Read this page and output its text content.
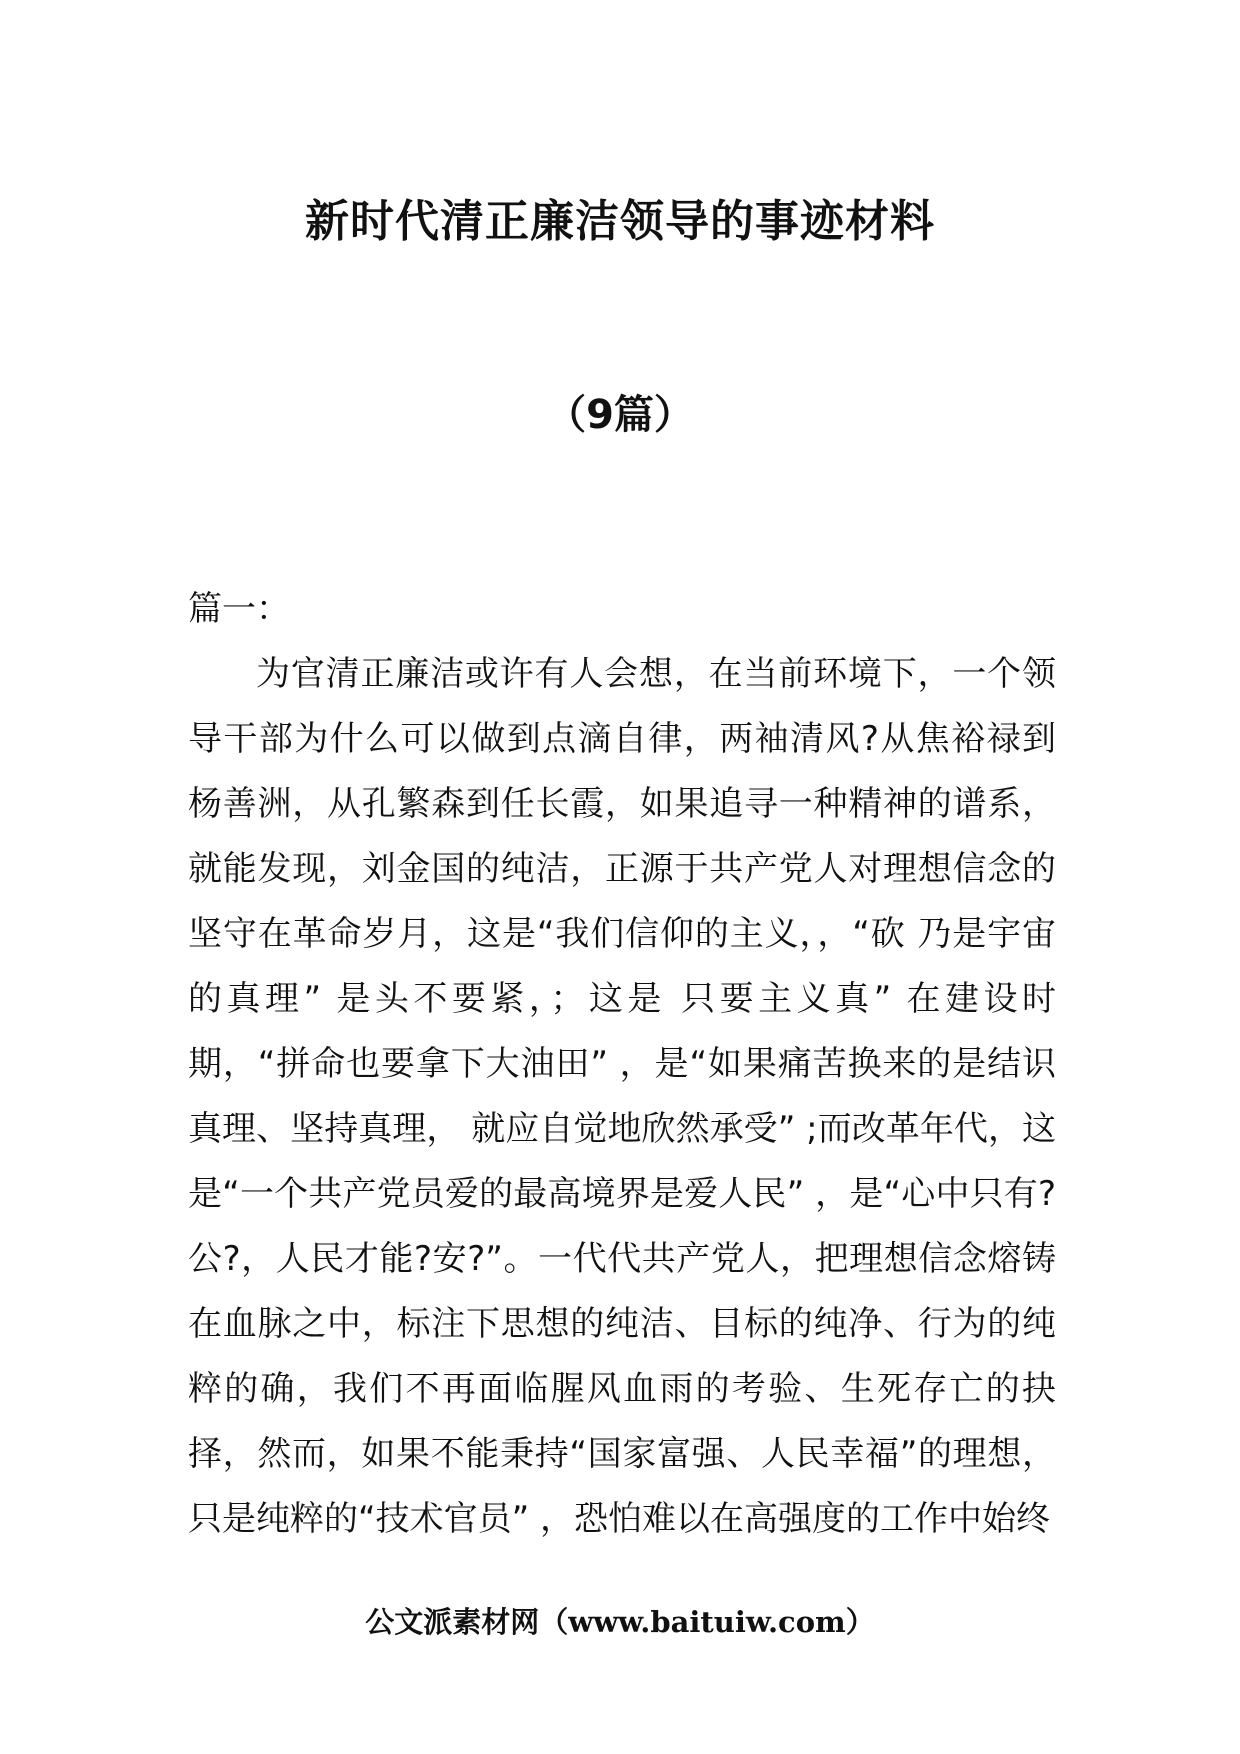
新时代清正廉洁领导的事迹材料
（9篇）
篇一：

为官清正廉洁或许有人会想，在当前环境下，一个领导干部为什么可以做到点滴自律，两袖清风?从焦裕禄到杨善洲，从孔繁森到任长霞，如果追寻一种精神的谱系，就能发现，刘金国的纯洁，正源于共产党人对理想信念的坚守在革命岁月，这是“我们信仰的主义，，“砍 乃是宇宙的真理” 是头不要紧，；这是 只要主义真” 在建设时期，“拼命也要拿下大油田” ，是“如果痛苦换来的是结识真理、坚持真理， 就应自觉地欣然承受” ;而改革年代，这是“一个共产党员爱的最高境界是爱人民” ，是“心中只有?公?，人民才能?安?”。一代代共产党人，把理想信念熔铸在血脉之中，标注下思想的纯洁、目标的纯净、行为的纯粹的确，我们不再面临腥风血雨的考验、生死存亡的抉择，然而，如果不能秉持“国家富强、人民幸福”的理想，只是纯粹的“技术官员” ，恐怕难以在高强度的工作中始终

公文派素材网（www.baituiw.com）
